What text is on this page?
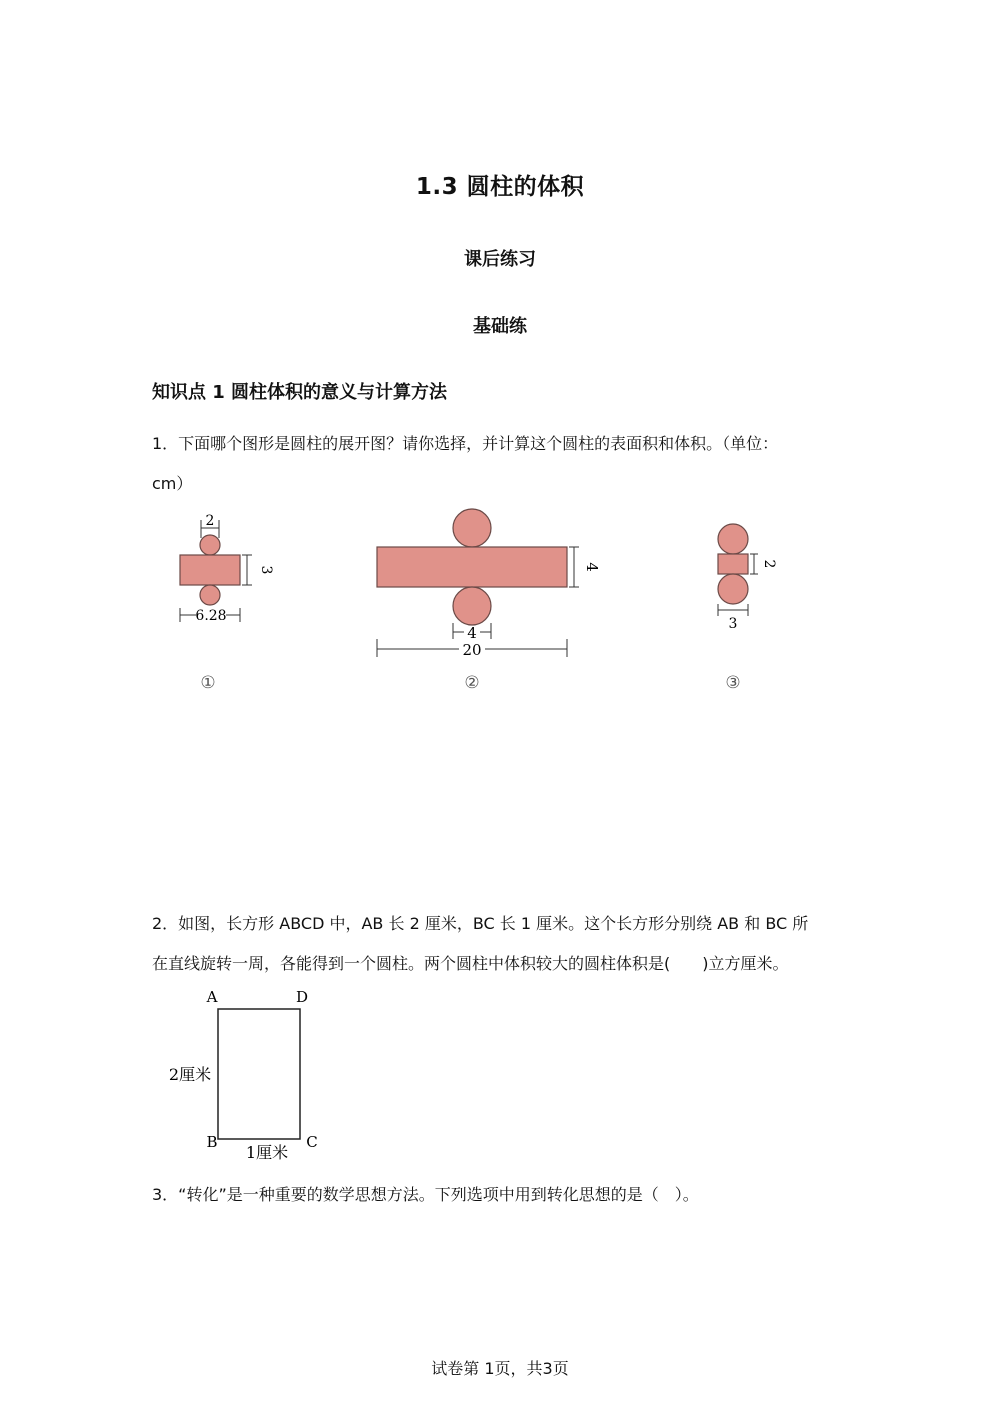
1.3 圆柱的体积
课后练习
基础练
知识点 1 圆柱体积的意义与计算方法
1．下面哪个图形是圆柱的展开图？请你选择，并计算这个圆柱的表面积和体积。（单位：
cm）
2
3
6.28
①
4
4
20
②
2
3
③
2．如图，长方形 ABCD 中，AB 长 2 厘米，BC 长 1 厘米。这个长方形分别绕 AB 和 BC 所
在直线旋转一周，各能得到一个圆柱。两个圆柱中体积较大的圆柱体积是(　　)立方厘米。
A	D
B	C
2厘米
1厘米
3．“转化”是一种重要的数学思想方法。下列选项中用到转化思想的是（　）。
试卷第 1页，共3页
